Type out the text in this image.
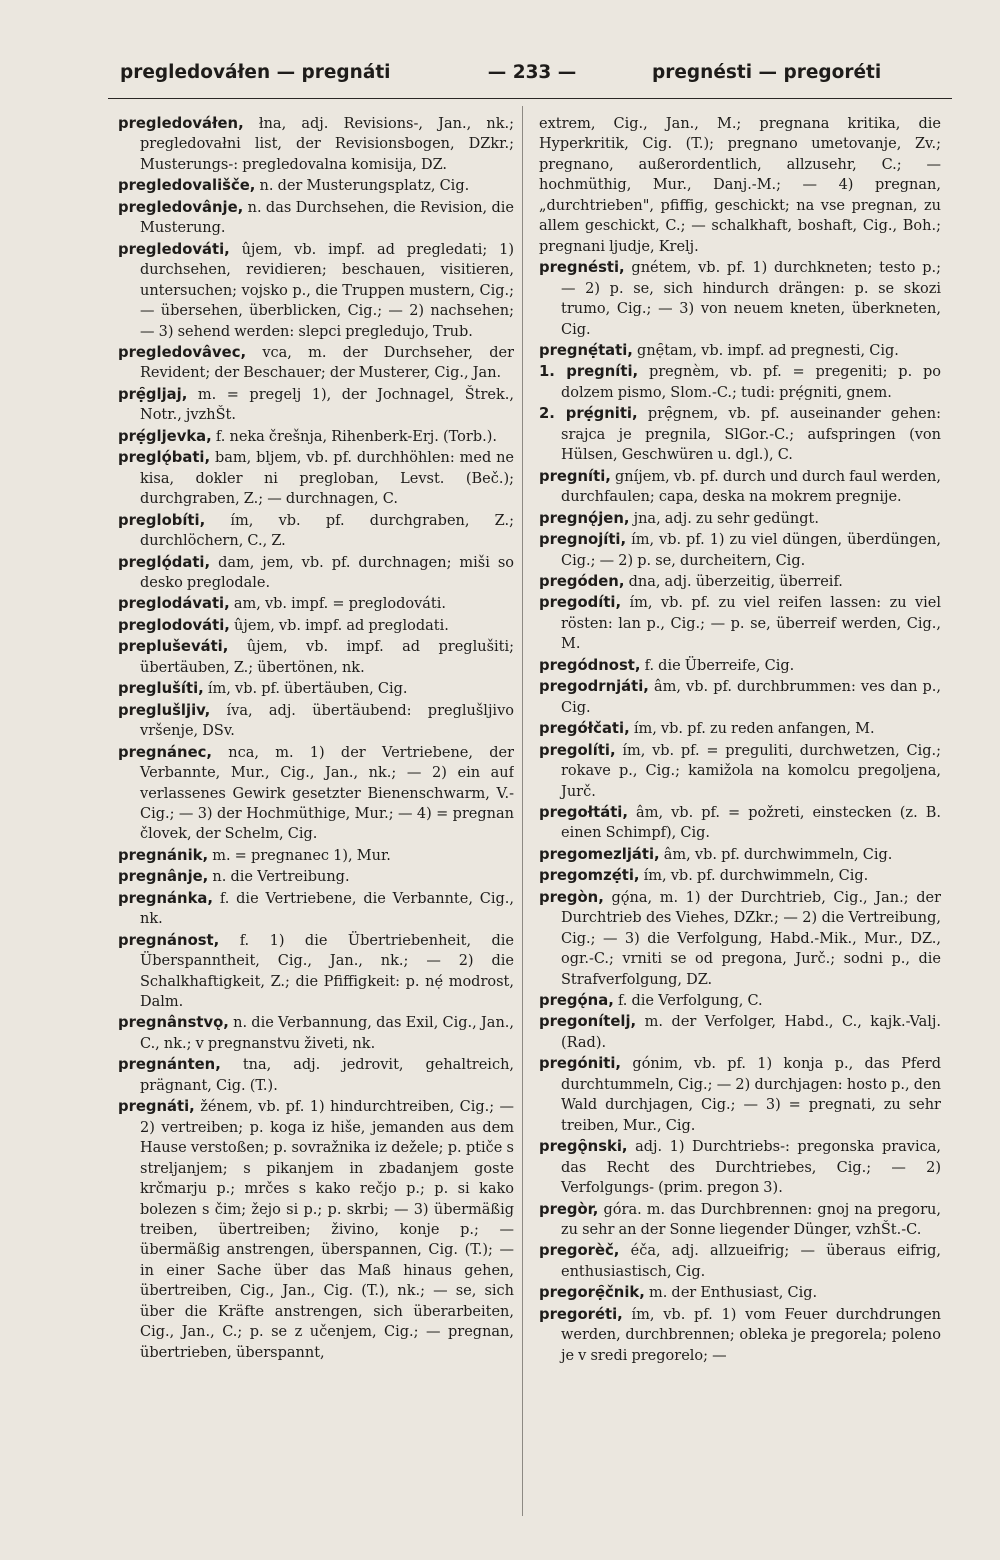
pregledováłen — pregnáti	— 233 —	pregnésti — pregoréti

pregledováłen, łna, adj. Revisions-, Jan., nk.; pregledovałni list, der Revisionsbogen, DZkr.; Musterungs-: pregledovalna komisija, DZ.

pregledovališče, n. der Musterungsplatz, Cig.

pregledovânje, n. das Durchsehen, die Revision, die Musterung.

pregledováti, ûjem, vb. impf. ad pregledati; 1) durchsehen, revidieren; beschauen, visitieren, untersuchen; vojsko p., die Truppen mustern, Cig.; — übersehen, überblicken, Cig.; — 2) nachsehen; — 3) sehend werden: slepci pregledujo, Trub.

pregledovâvec, vca, m. der Durchseher, der Revident; der Beschauer; der Musterer, Cig., Jan.

prẹ̑gljaj, m. = pregelj 1), der Jochnagel, Štrek., Notr., jvzhŠt.

prẹ́gljevka, f. neka črešnja, Rihenberk-Erj. (Torb.).

preglǫ́bati, bam, bljem, vb. pf. durchhöhlen: med ne kisa, dokler ni pregloban, Levst. (Beč.); durchgraben, Z.; — durchnagen, C.

preglobíti, ím, vb. pf. durchgraben, Z.; durchlöchern, C., Z.

preglǫ́dati, dam, jem, vb. pf. durchnagen; miši so desko preglodale.

preglodávati, am, vb. impf. = preglodováti.

preglodováti, ûjem, vb. impf. ad preglodati.

prepluševáti, ûjem, vb. impf. ad preglušiti; übertäuben, Z.; übertönen, nk.

preglušíti, ím, vb. pf. übertäuben, Cig.

preglušljiv, íva, adj. übertäubend: preglušljivo vršenje, DSv.

pregnánec, nca, m. 1) der Vertriebene, der Verbannte, Mur., Cig., Jan., nk.; — 2) ein auf verlassenes Gewirk gesetzter Bienenschwarm, V.-Cig.; — 3) der Hochmüthige, Mur.; — 4) = pregnan človek, der Schelm, Cig.

pregnánik, m. = pregnanec 1), Mur.

pregnânje, n. die Vertreibung.

pregnánka, f. die Vertriebene, die Verbannte, Cig., nk.

pregnánost, f. 1) die Übertriebenheit, die Überspanntheit, Cig., Jan., nk.; — 2) die Schalkhaftigkeit, Z.; die Pfiffigkeit: p. nẹ́ modrost, Dalm.

pregnânstvǫ, n. die Verbannung, das Exil, Cig., Jan., C., nk.; v pregnanstvu živeti, nk.

pregnánten, tna, adj. jedrovit, gehaltreich, prägnant, Cig. (T.).

pregnáti, žénem, vb. pf. 1) hindurchtreiben, Cig.; — 2) vertreiben; p. koga iz hiše, jemanden aus dem Hause verstoßen; p. sovražnika iz dežele; p. ptiče s streljanjem; s pikanjem in zbadanjem goste krčmarju p.; mrčes s kako rečjo p.; p. si kako bolezen s čim; žejo si p.; p. skrbi; — 3) übermäßig treiben, übertreiben; živino, konje p.; — übermäßig anstrengen, überspannen, Cig. (T.); — in einer Sache über das Maß hinaus gehen, übertreiben, Cig., Jan., Cig. (T.), nk.; — se, sich über die Kräfte anstrengen, sich überarbeiten, Cig., Jan., C.; p. se z učenjem, Cig.; — pregnan, übertrieben, überspannt,

extrem, Cig., Jan., M.; pregnana kritika, die Hyperkritik, Cig. (T.); pregnano umetovanje, Zv.; pregnano, außerordentlich, allzusehr, C.; — hochmüthig, Mur., Danj.-M.; — 4) pregnan, „durchtrieben", pfiffig, geschickt; na vse pregnan, zu allem geschickt, C.; — schalkhaft, boshaft, Cig., Boh.; pregnani ljudje, Krelj.

pregnésti, gnétem, vb. pf. 1) durchkneten; testo p.; — 2) p. se, sich hindurch drängen: p. se skozi trumo, Cig.; — 3) von neuem kneten, überkneten, Cig.

pregnẹ́tati, gnẹ̑tam, vb. impf. ad pregnesti, Cig.

1. pregníti, pregnèm, vb. pf. = pregeniti; p. po dolzem pismo, Slom.-C.; tudi: prẹ́gniti, gnem.

2. prẹ́gniti, prẹ̑gnem, vb. pf. auseinander gehen: srajca je pregnila, SlGor.-C.; aufspringen (von Hülsen, Geschwüren u. dgl.), C.

pregníti, gníjem, vb. pf. durch und durch faul werden, durchfaulen; capa, deska na mokrem pregnije.

pregnǫ́jen, jna, adj. zu sehr gedüngt.

pregnojíti, ím, vb. pf. 1) zu viel düngen, überdüngen, Cig.; — 2) p. se, durcheitern, Cig.

pregóden, dna, adj. überzeitig, überreif.

pregodíti, ím, vb. pf. zu viel reifen lassen: zu viel rösten: lan p., Cig.; — p. se, überreif werden, Cig., M.

pregódnost, f. die Überreife, Cig.

pregodrnjáti, âm, vb. pf. durchbrummen: ves dan p., Cig.

pregółčati, ím, vb. pf. zu reden anfangen, M.

pregolíti, ím, vb. pf. = preguliti, durchwetzen, Cig.; rokave p., Cig.; kamižola na komolcu pregoljena, Jurč.

pregołtáti, âm, vb. pf. = požreti, einstecken (z. B. einen Schimpf), Cig.

pregomezljáti, âm, vb. pf. durchwimmeln, Cig.

pregomzẹ́ti, ím, vb. pf. durchwimmeln, Cig.

pregòn, gǫ́na, m. 1) der Durchtrieb, Cig., Jan.; der Durchtrieb des Viehes, DZkr.; — 2) die Vertreibung, Cig.; — 3) die Verfolgung, Habd.-Mik., Mur., DZ., ogr.-C.; vrniti se od pregona, Jurč.; sodni p., die Strafverfolgung, DZ.

pregǫ́na, f. die Verfolgung, C.

pregonítelj, m. der Verfolger, Habd., C., kajk.-Valj. (Rad).

pregóniti, gónim, vb. pf. 1) konja p., das Pferd durchtummeln, Cig.; — 2) durchjagen: hosto p., den Wald durchjagen, Cig.; — 3) = pregnati, zu sehr treiben, Mur., Cig.

pregǫ̑nski, adj. 1) Durchtriebs-: pregonska pravica, das Recht des Durchtriebes, Cig.; — 2) Verfolgungs- (prim. pregon 3).

pregòr, góra. m. das Durchbrennen: gnoj na pregoru, zu sehr an der Sonne liegender Dünger, vzhŠt.-C.

pregorèč, éča, adj. allzueifrig; — überaus eifrig, enthusiastisch, Cig.

pregorẹ̑čnik, m. der Enthusiast, Cig.

pregoréti, ím, vb. pf. 1) vom Feuer durchdrungen werden, durchbrennen; obleka je pregorela; poleno je v sredi pregorelo; —
